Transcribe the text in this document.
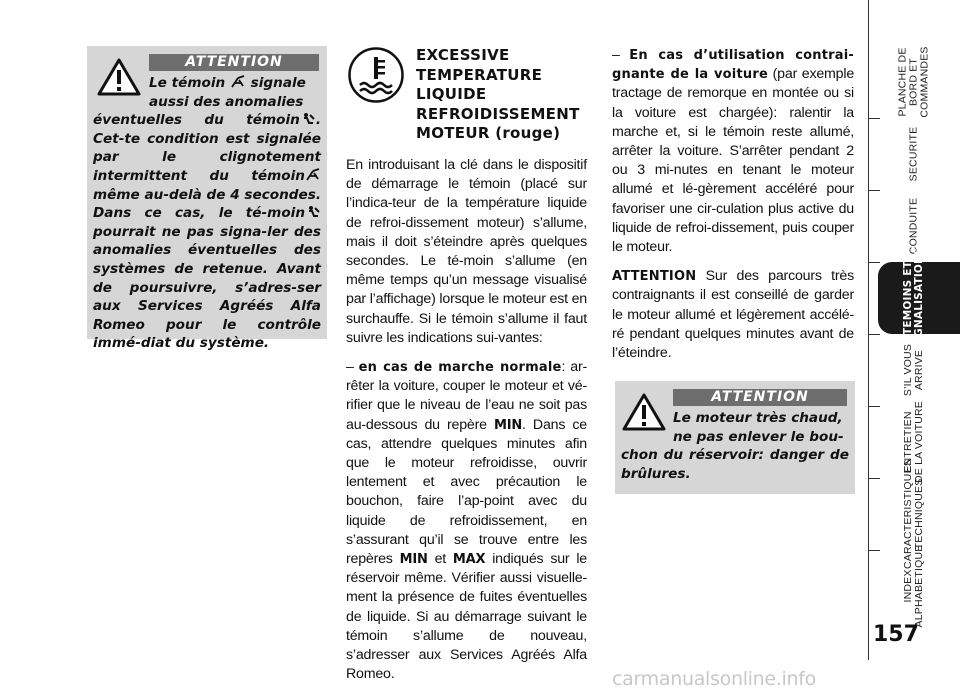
ATTENTION
Le témoin  signale
aussi des anomalies
éventuelles du témoin . Cet-te condition est signalée par le clignotement intermittent du témoin même au-delà de 4 secondes. Dans ce cas, le té-moin pourrait ne pas signa-ler des anomalies éventuelles des systèmes de retenue. Avant de poursuivre, s’adres-ser aux Services Agréés Alfa Romeo pour le contrôle immé-diat du système.
EXCESSIVE TEMPERATURE LIQUIDE REFROIDISSEMENT MOTEUR (rouge)

En introduisant la clé dans le dispositif de démarrage le témoin (placé sur l’indica-teur de la température liquide de refroi-dissement moteur) s’allume, mais il doit s’éteindre après quelques secondes. Le té-moin s’allume (en même temps qu’un message visualisé par l’affichage) lorsque le moteur est en surchauffe. Si le témoin s’allume il faut suivre les indications sui-vantes:

– en cas de marche normale: ar-rêter la voiture, couper le moteur et vé-rifier que le niveau de l’eau ne soit pas au-dessous du repère MIN. Dans ce cas, attendre quelques minutes afin que le moteur refroidisse, ouvrir lentement et avec précaution le bouchon, faire l’ap-point avec du liquide de refroidissement, en s’assurant qu’il se trouve entre les repères MIN et MAX indiqués sur le réservoir même. Vérifier aussi visuelle-ment la présence de fuites éventuelles de liquide. Si au démarrage suivant le témoin s’allume de nouveau, s’adresser aux Services Agréés Alfa Romeo.

– En cas d’utilisation contrai-gnante de la voiture (par exemple tractage de remorque en montée ou si la voiture est chargée): ralentir la marche et, si le témoin reste allumé, arrêter la voiture. S’arrêter pendant 2 ou 3 mi-nutes en tenant le moteur allumé et lé-gèrement accéléré pour favoriser une cir-culation plus active du liquide de refroi-dissement, puis couper le moteur.

ATTENTION Sur des parcours très contraignants il est conseillé de garder le moteur allumé et légèrement accélé-ré pendant quelques minutes avant de l’éteindre.

ATTENTION
Le moteur très chaud,
ne pas enlever le bou-
chon du réservoir: danger de brûlures.
PLANCHE DE
BORD ET
COMMANDES
SECURITE
CONDUITE
TEMOINS ET
SIGNALISATIONS
S’IL VOUS
ARRIVE
ENTRETIEN
DE LA VOITURE
CARACTERISTIQUES
TECHNIQUES
INDEX
ALPHABETIQUE
157
carmanualsonline.info
